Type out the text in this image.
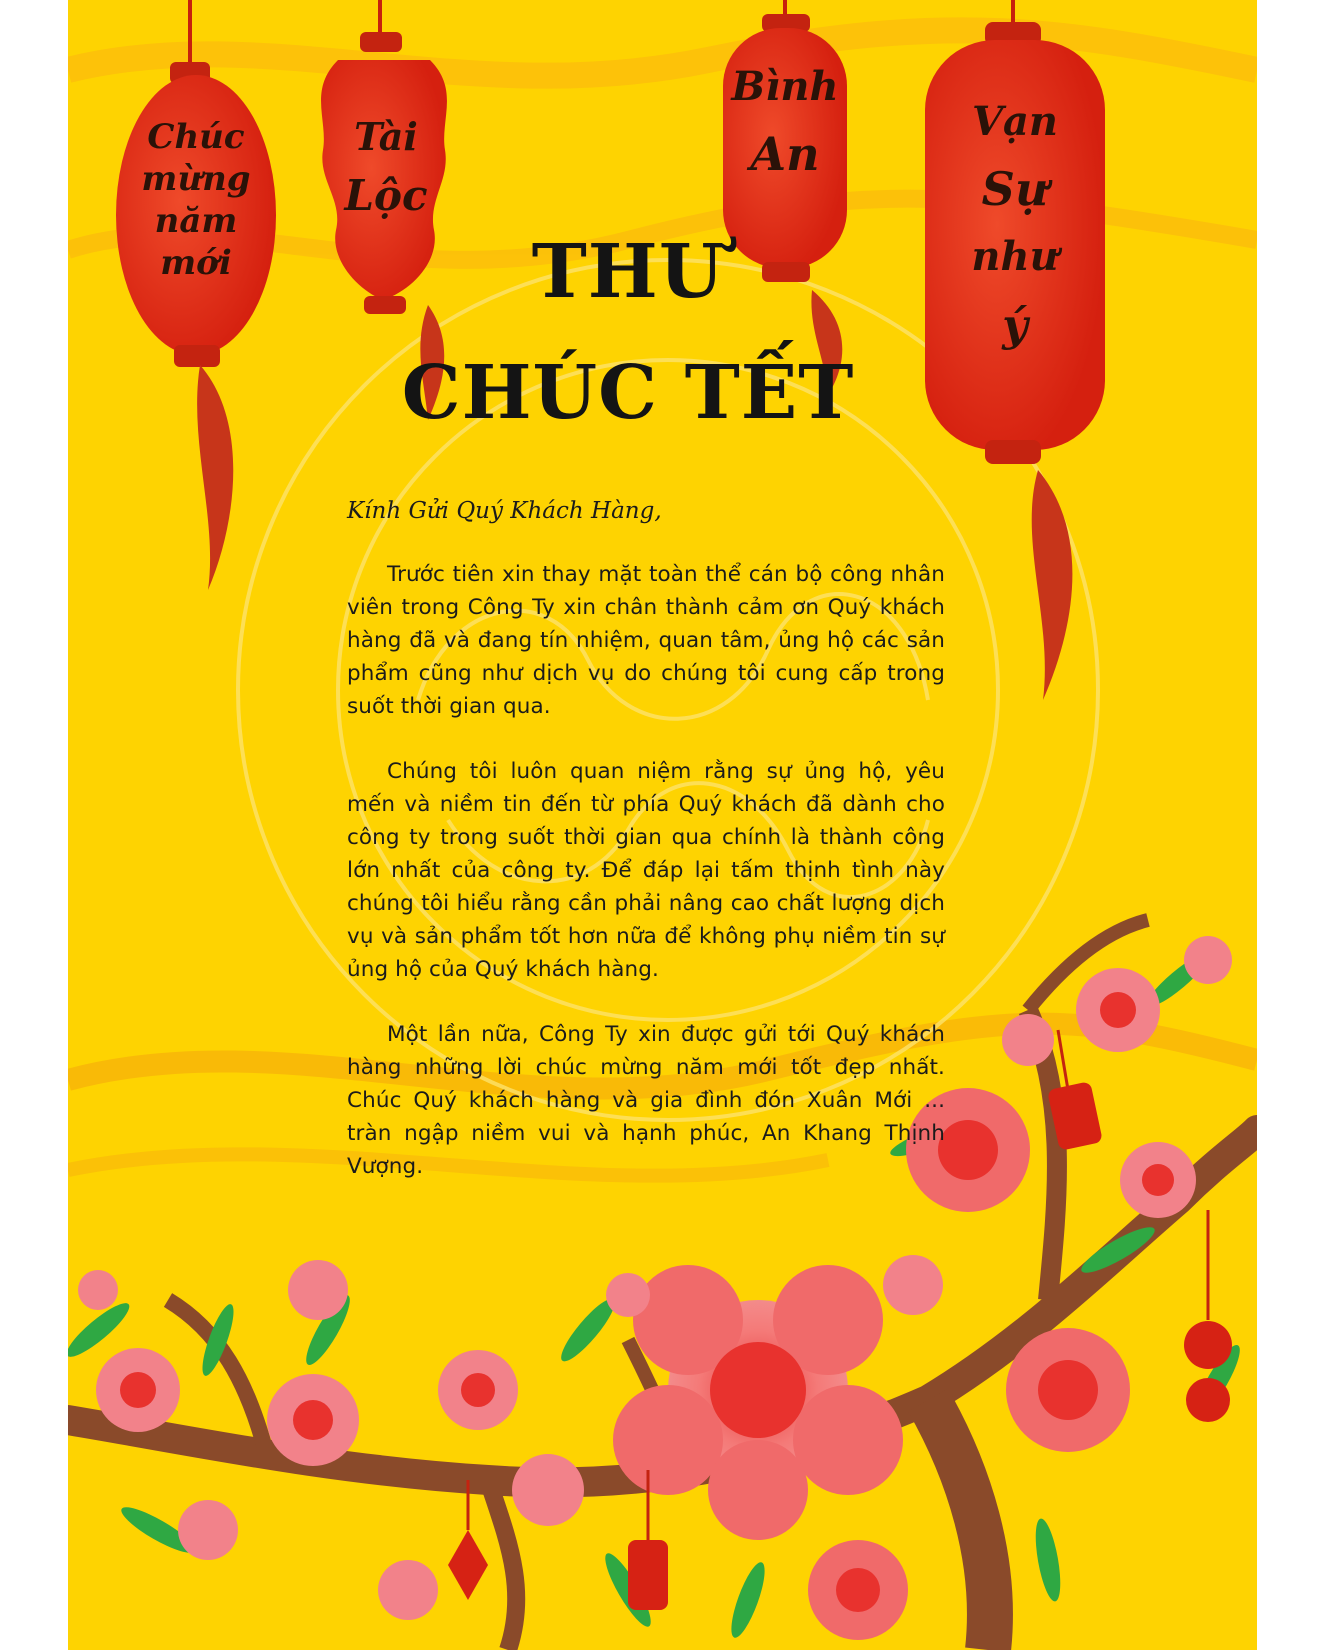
Chúc
mừng
năm
mới
Tài
Lộc
Bình
An
Vạn
Sự
như
ý
THƯ
CHÚC TẾT

Kính Gửi Quý Khách Hàng,

Trước tiên xin thay mặt toàn thể cán bộ công nhân viên trong Công Ty xin chân thành cảm ơn Quý khách hàng đã và đang tín nhiệm, quan tâm, ủng hộ các sản phẩm cũng như dịch vụ do chúng tôi cung cấp trong suốt thời gian qua.

Chúng tôi luôn quan niệm rằng sự ủng hộ, yêu mến và niềm tin đến từ phía Quý khách đã dành cho công ty trong suốt thời gian qua chính là thành công lớn nhất của công ty. Để đáp lại tấm thịnh tình này chúng tôi hiểu rằng cần phải nâng cao chất lượng dịch vụ và sản phẩm tốt hơn nữa để không phụ niềm tin sự ủng hộ của Quý khách hàng.

Một lần nữa, Công Ty xin được gửi tới Quý khách hàng những lời chúc mừng năm mới tốt đẹp nhất. Chúc Quý khách hàng và gia đình đón Xuân Mới ... tràn ngập niềm vui và hạnh phúc, An Khang Thịnh Vượng.
